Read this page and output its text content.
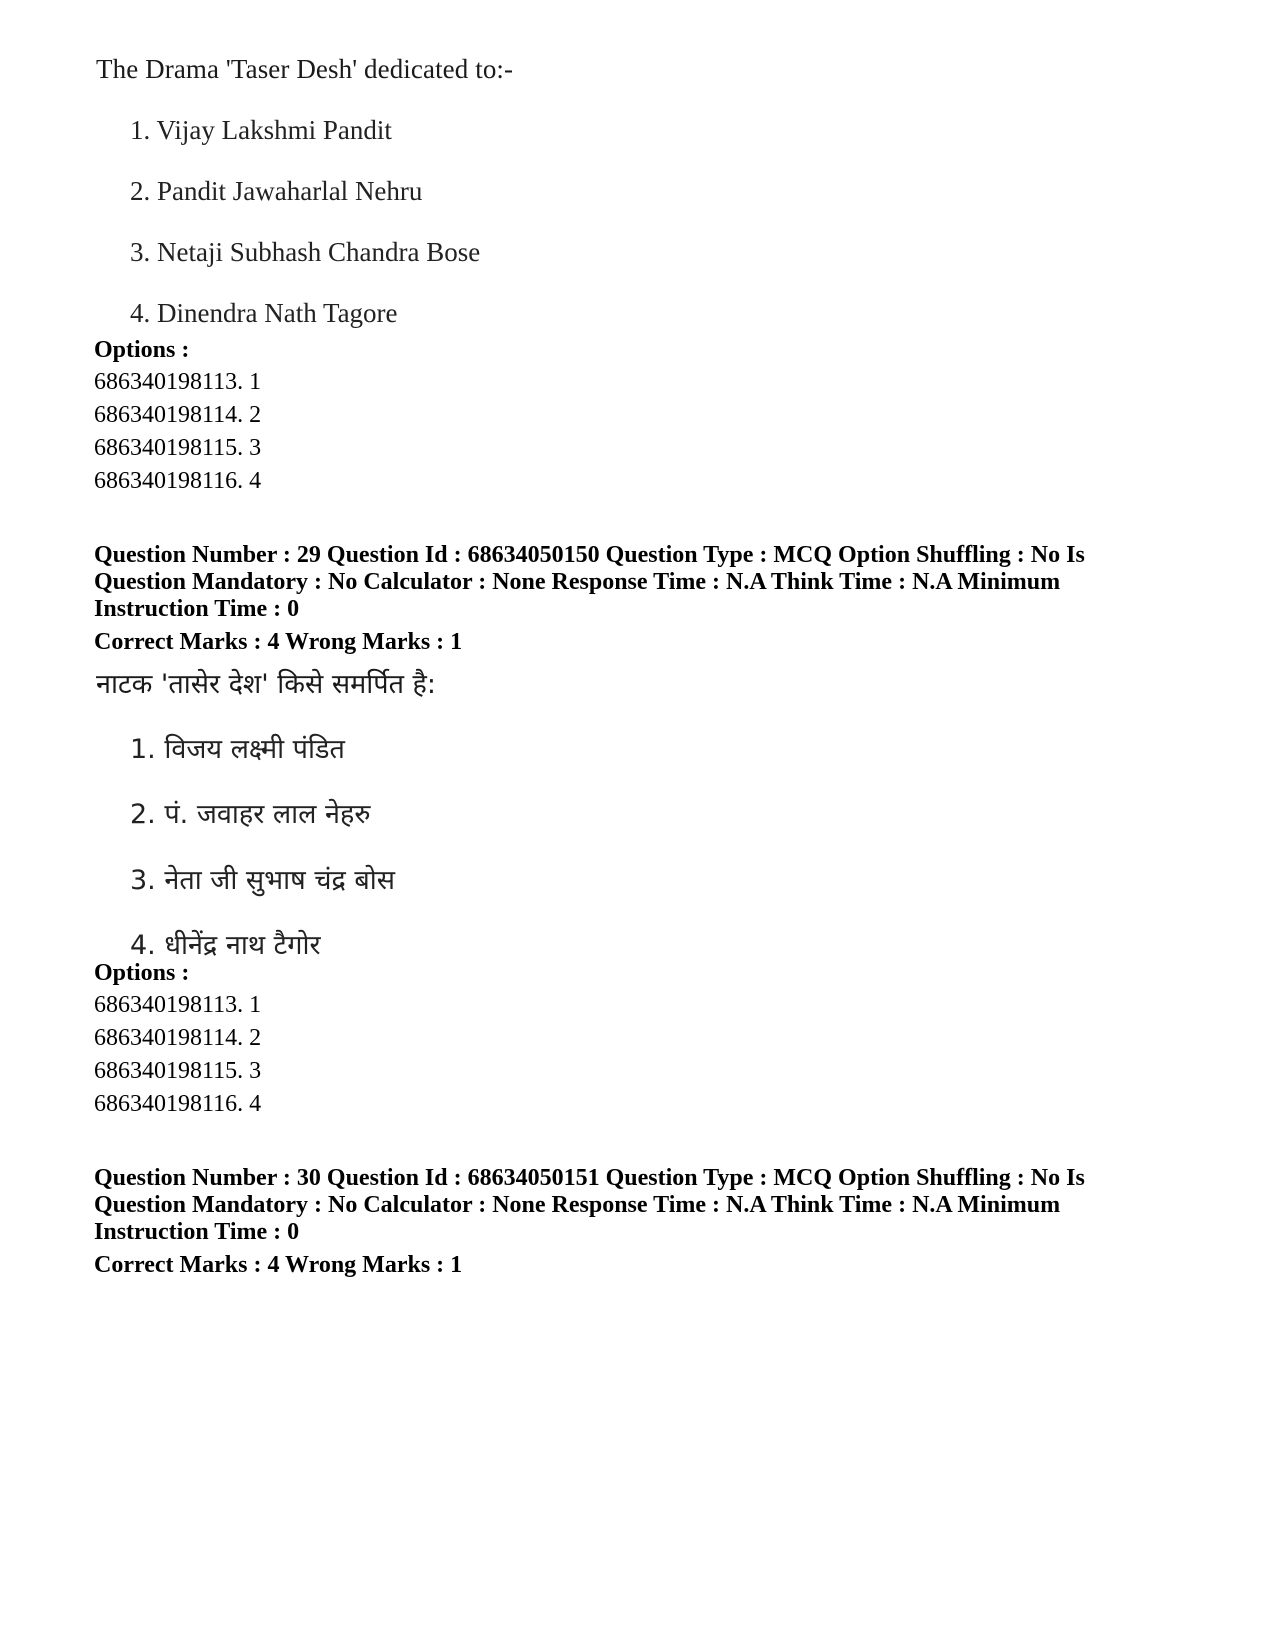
The Drama 'Taser Desh' dedicated to:-
1. Vijay Lakshmi Pandit
2. Pandit Jawaharlal Nehru
3. Netaji Subhash Chandra Bose
4. Dinendra Nath Tagore
Options :
686340198113. 1
686340198114. 2
686340198115. 3
686340198116. 4
Question Number : 29 Question Id : 68634050150 Question Type : MCQ Option Shuffling : No Is
Question Mandatory : No Calculator : None Response Time : N.A Think Time : N.A Minimum
Instruction Time : 0
Correct Marks : 4 Wrong Marks : 1
नाटक 'तासेर देश' किसे समर्पित है:
1. विजय लक्ष्मी पंडित
2. पं. जवाहर लाल नेहरु
3. नेता जी सुभाष चंद्र बोस
4. धीनेंद्र नाथ टैगोर
Options :
686340198113. 1
686340198114. 2
686340198115. 3
686340198116. 4
Question Number : 30 Question Id : 68634050151 Question Type : MCQ Option Shuffling : No Is
Question Mandatory : No Calculator : None Response Time : N.A Think Time : N.A Minimum
Instruction Time : 0
Correct Marks : 4 Wrong Marks : 1
